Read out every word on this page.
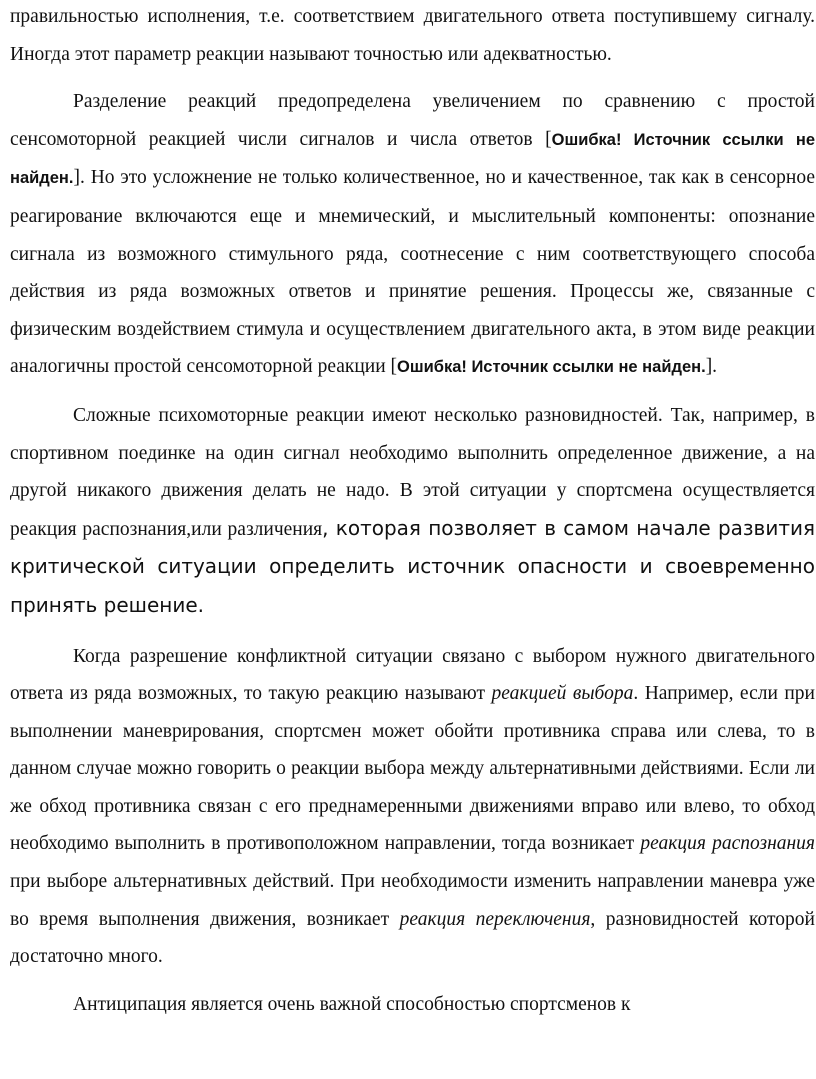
правильностью исполнения, т.е. соответствием двигательного ответа поступившему сигналу. Иногда этот параметр реакции называют точностью или адекватностью.

Разделение реакций предопределена увеличением по сравнению с простой сенсомоторной реакцией числи сигналов и числа ответов [Ошибка! Источник ссылки не найден.]. Но это усложнение не только количественное, но и качественное, так как в сенсорное реагирование включаются еще и мнемический, и мыслительный компоненты: опознание сигнала из возможного стимульного ряда, соотнесение с ним соответствующего способа действия из ряда возможных ответов и принятие решения. Процессы же, связанные с физическим воздействием стимула и осуществлением двигательного акта, в этом виде реакции аналогичны простой сенсомоторной реакции [Ошибка! Источник ссылки не найден.].

Сложные психомоторные реакции имеют несколько разновидностей. Так, например, в спортивном поединке на один сигнал необходимо выполнить определенное движение, а на другой никакого движения делать не надо. В этой ситуации у спортсмена осуществляется реакция распознания,или различения, которая позволяет в самом начале развития критической ситуации определить источник опасности и своевременно принять решение.

Когда разрешение конфликтной ситуации связано с выбором нужного двигательного ответа из ряда возможных, то такую реакцию называют реакцией выбора. Например, если при выполнении маневрирования, спортсмен может обойти противника справа или слева, то в данном случае можно говорить о реакции выбора между альтернативными действиями. Если ли же обход противника связан с его преднамеренными движениями вправо или влево, то обход необходимо выполнить в противоположном направлении, тогда возникает реакция распознания при выборе альтернативных действий. При необходимости изменить направлении маневра уже во время выполнения движения, возникает реакция переключения, разновидностей которой достаточно много.

Антиципация является очень важной способностью спортсменов к
